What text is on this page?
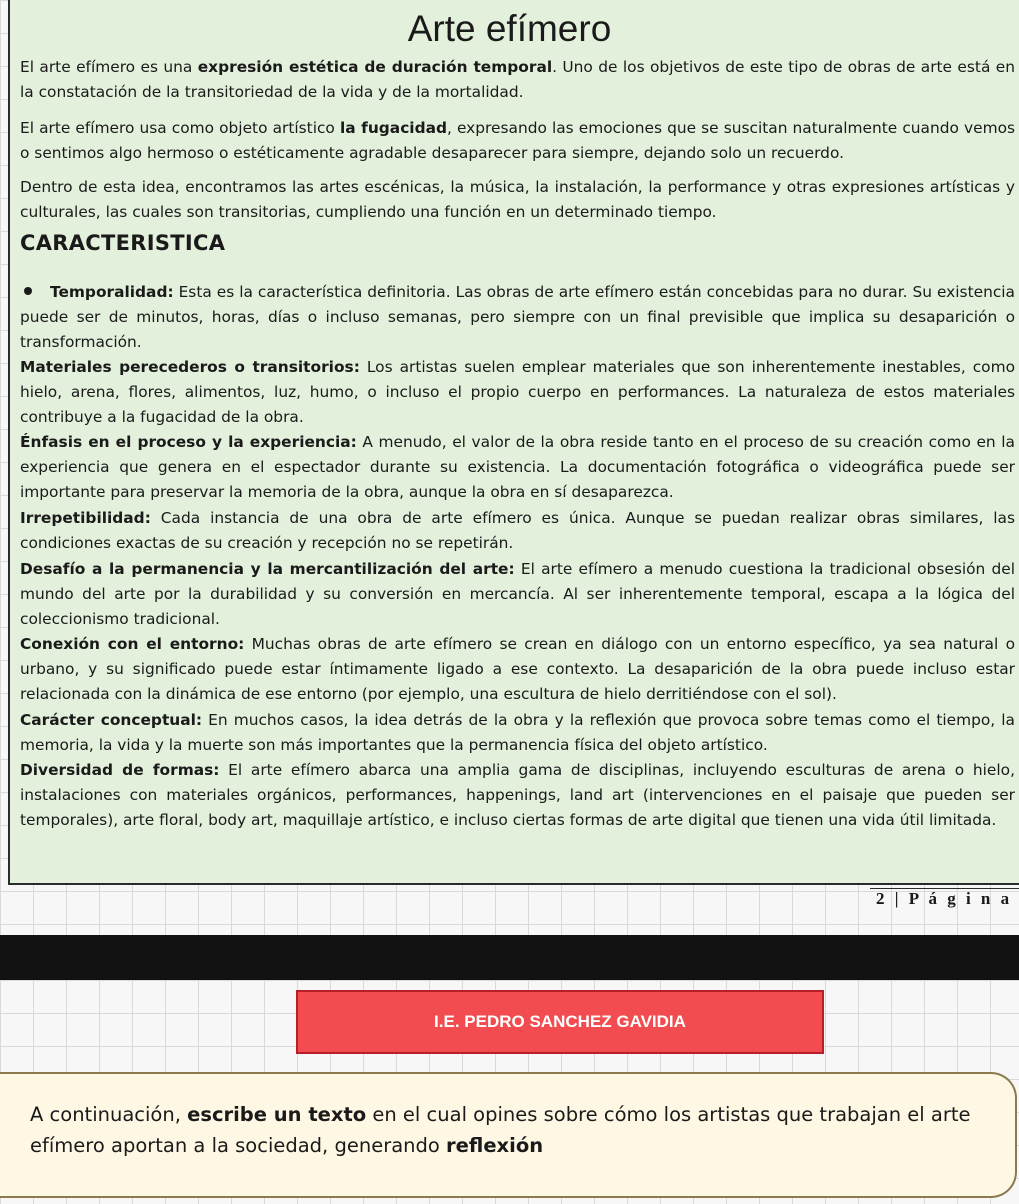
Arte efímero

El arte efímero es una expresión estética de duración temporal. Uno de los objetivos de este tipo de obras de arte está en la constatación de la transitoriedad de la vida y de la mortalidad.

El arte efímero usa como objeto artístico la fugacidad, expresando las emociones que se suscitan naturalmente cuando vemos o sentimos algo hermoso o estéticamente agradable desaparecer para siempre, dejando solo un recuerdo.

Dentro de esta idea, encontramos las artes escénicas, la música, la instalación, la performance y otras expresiones artísticas y culturales, las cuales son transitorias, cumpliendo una función en un determinado tiempo.

CARACTERISTICA

Temporalidad: Esta es la característica definitoria. Las obras de arte efímero están concebidas para no durar. Su existencia puede ser de minutos, horas, días o incluso semanas, pero siempre con un final previsible que implica su desaparición o transformación.

Materiales perecederos o transitorios: Los artistas suelen emplear materiales que son inherentemente inestables, como hielo, arena, flores, alimentos, luz, humo, o incluso el propio cuerpo en performances. La naturaleza de estos materiales contribuye a la fugacidad de la obra.

Énfasis en el proceso y la experiencia: A menudo, el valor de la obra reside tanto en el proceso de su creación como en la experiencia que genera en el espectador durante su existencia. La documentación fotográfica o videográfica puede ser importante para preservar la memoria de la obra, aunque la obra en sí desaparezca.

Irrepetibilidad: Cada instancia de una obra de arte efímero es única. Aunque se puedan realizar obras similares, las condiciones exactas de su creación y recepción no se repetirán.

Desafío a la permanencia y la mercantilización del arte: El arte efímero a menudo cuestiona la tradicional obsesión del mundo del arte por la durabilidad y su conversión en mercancía. Al ser inherentemente temporal, escapa a la lógica del coleccionismo tradicional.

Conexión con el entorno: Muchas obras de arte efímero se crean en diálogo con un entorno específico, ya sea natural o urbano, y su significado puede estar íntimamente ligado a ese contexto. La desaparición de la obra puede incluso estar relacionada con la dinámica de ese entorno (por ejemplo, una escultura de hielo derritiéndose con el sol).

Carácter conceptual: En muchos casos, la idea detrás de la obra y la reflexión que provoca sobre temas como el tiempo, la memoria, la vida y la muerte son más importantes que la permanencia física del objeto artístico.

Diversidad de formas: El arte efímero abarca una amplia gama de disciplinas, incluyendo esculturas de arena o hielo, instalaciones con materiales orgánicos, performances, happenings, land art (intervenciones en el paisaje que pueden ser temporales), arte floral, body art, maquillaje artístico, e incluso ciertas formas de arte digital que tienen una vida útil limitada.

2 | P á g i n a
I.E. PEDRO SANCHEZ GAVIDIA

A continuación, escribe un texto en el cual opines sobre cómo los artistas que trabajan el arte efímero aportan a la sociedad, generando reflexión
